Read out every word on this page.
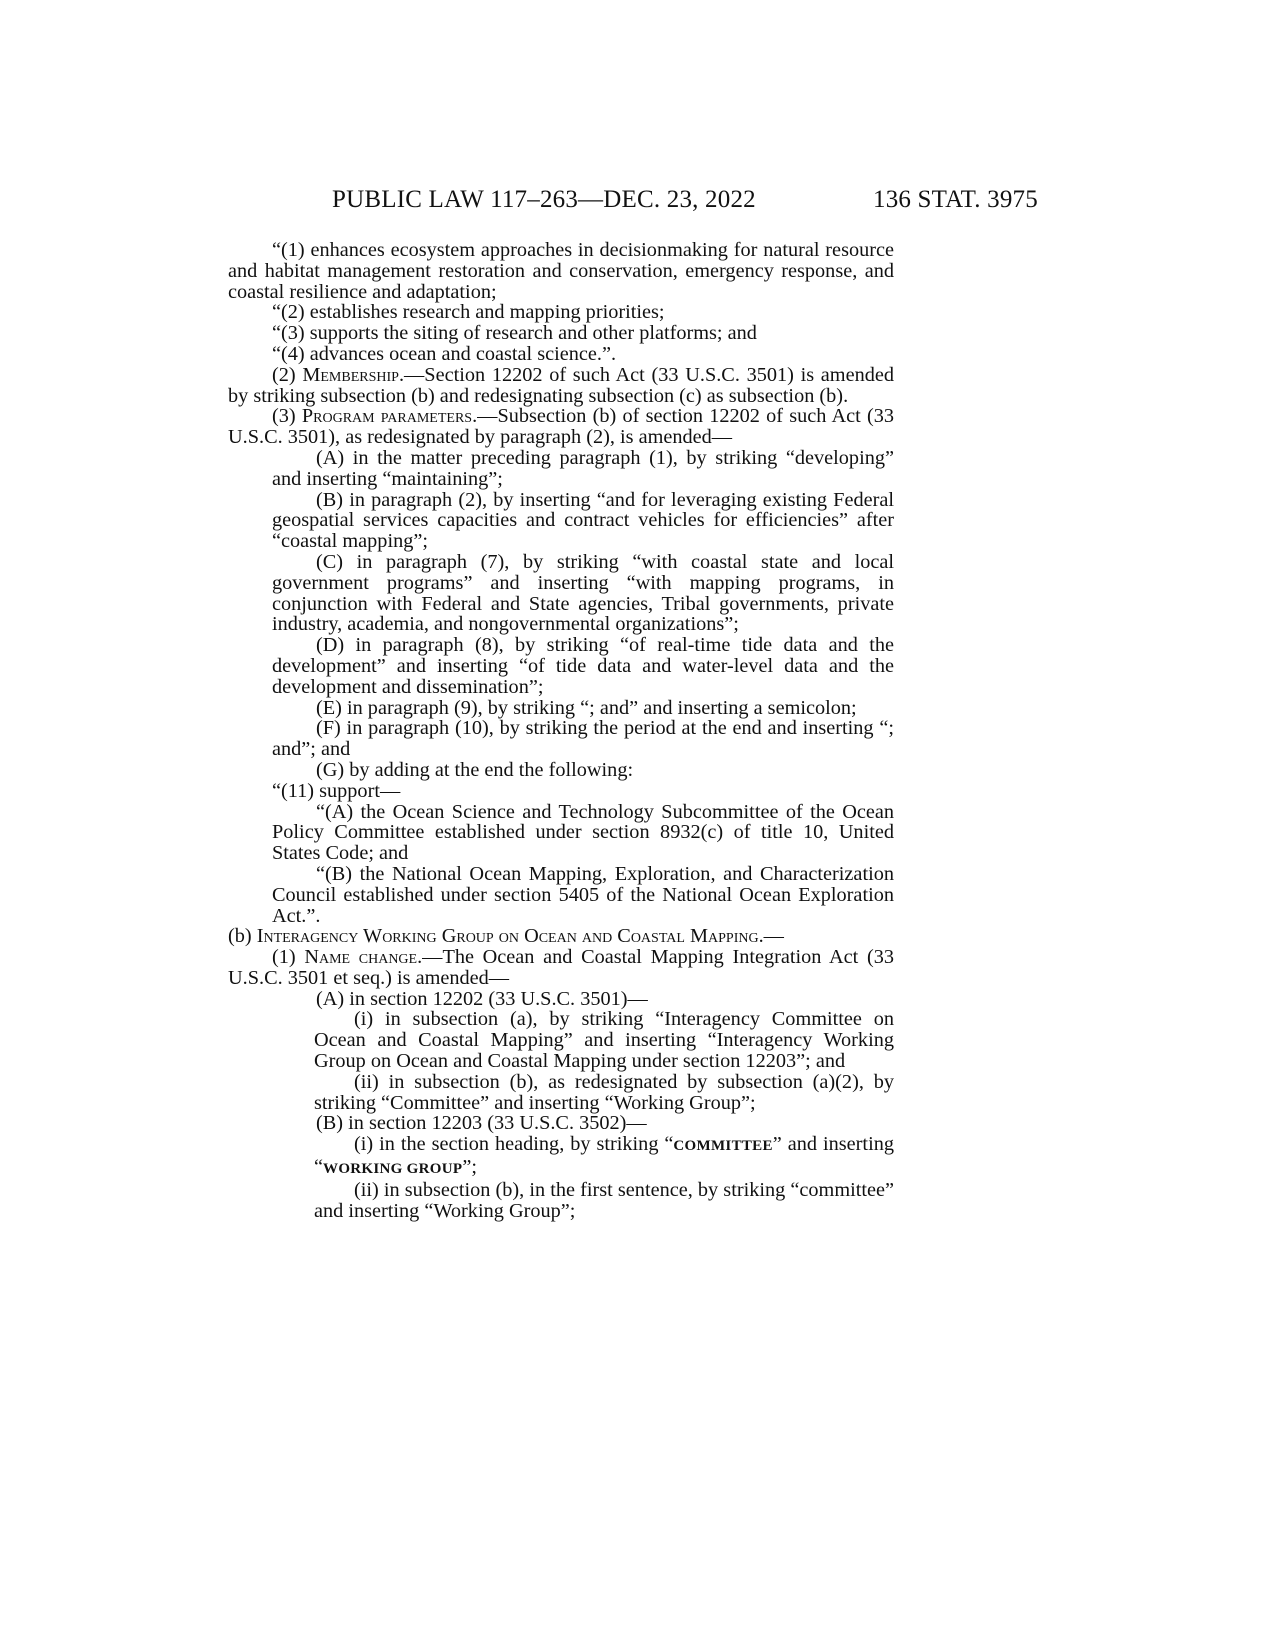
PUBLIC LAW 117–263—DEC. 23, 2022	136 STAT. 3975
“(1) enhances ecosystem approaches in decisionmaking for natural resource and habitat management restoration and conservation, emergency response, and coastal resilience and adaptation;
“(2) establishes research and mapping priorities;
“(3) supports the siting of research and other platforms; and
“(4) advances ocean and coastal science.”.
(2) Membership.—Section 12202 of such Act (33 U.S.C. 3501) is amended by striking subsection (b) and redesignating subsection (c) as subsection (b).
(3) Program parameters.—Subsection (b) of section 12202 of such Act (33 U.S.C. 3501), as redesignated by paragraph (2), is amended—
(A) in the matter preceding paragraph (1), by striking “developing” and inserting “maintaining”;
(B) in paragraph (2), by inserting “and for leveraging existing Federal geospatial services capacities and contract vehicles for efficiencies” after “coastal mapping”;
(C) in paragraph (7), by striking “with coastal state and local government programs” and inserting “with mapping programs, in conjunction with Federal and State agencies, Tribal governments, private industry, academia, and nongovernmental organizations”;
(D) in paragraph (8), by striking “of real-time tide data and the development” and inserting “of tide data and water-level data and the development and dissemination”;
(E) in paragraph (9), by striking “; and” and inserting a semicolon;
(F) in paragraph (10), by striking the period at the end and inserting “; and”; and
(G) by adding at the end the following:
“(11) support—
“(A) the Ocean Science and Technology Subcommittee of the Ocean Policy Committee established under section 8932(c) of title 10, United States Code; and
“(B) the National Ocean Mapping, Exploration, and Characterization Council established under section 5405 of the National Ocean Exploration Act.”.
(b) Interagency Working Group on Ocean and Coastal Mapping.—
(1) Name change.—The Ocean and Coastal Mapping Integration Act (33 U.S.C. 3501 et seq.) is amended—
(A) in section 12202 (33 U.S.C. 3501)—
(i) in subsection (a), by striking “Interagency Committee on Ocean and Coastal Mapping” and inserting “Interagency Working Group on Ocean and Coastal Mapping under section 12203”; and
(ii) in subsection (b), as redesignated by subsection (a)(2), by striking “Committee” and inserting “Working Group”;
(B) in section 12203 (33 U.S.C. 3502)—
(i) in the section heading, by striking “COMMITTEE” and inserting “WORKING GROUP”;
(ii) in subsection (b), in the first sentence, by striking “committee” and inserting “Working Group”;
